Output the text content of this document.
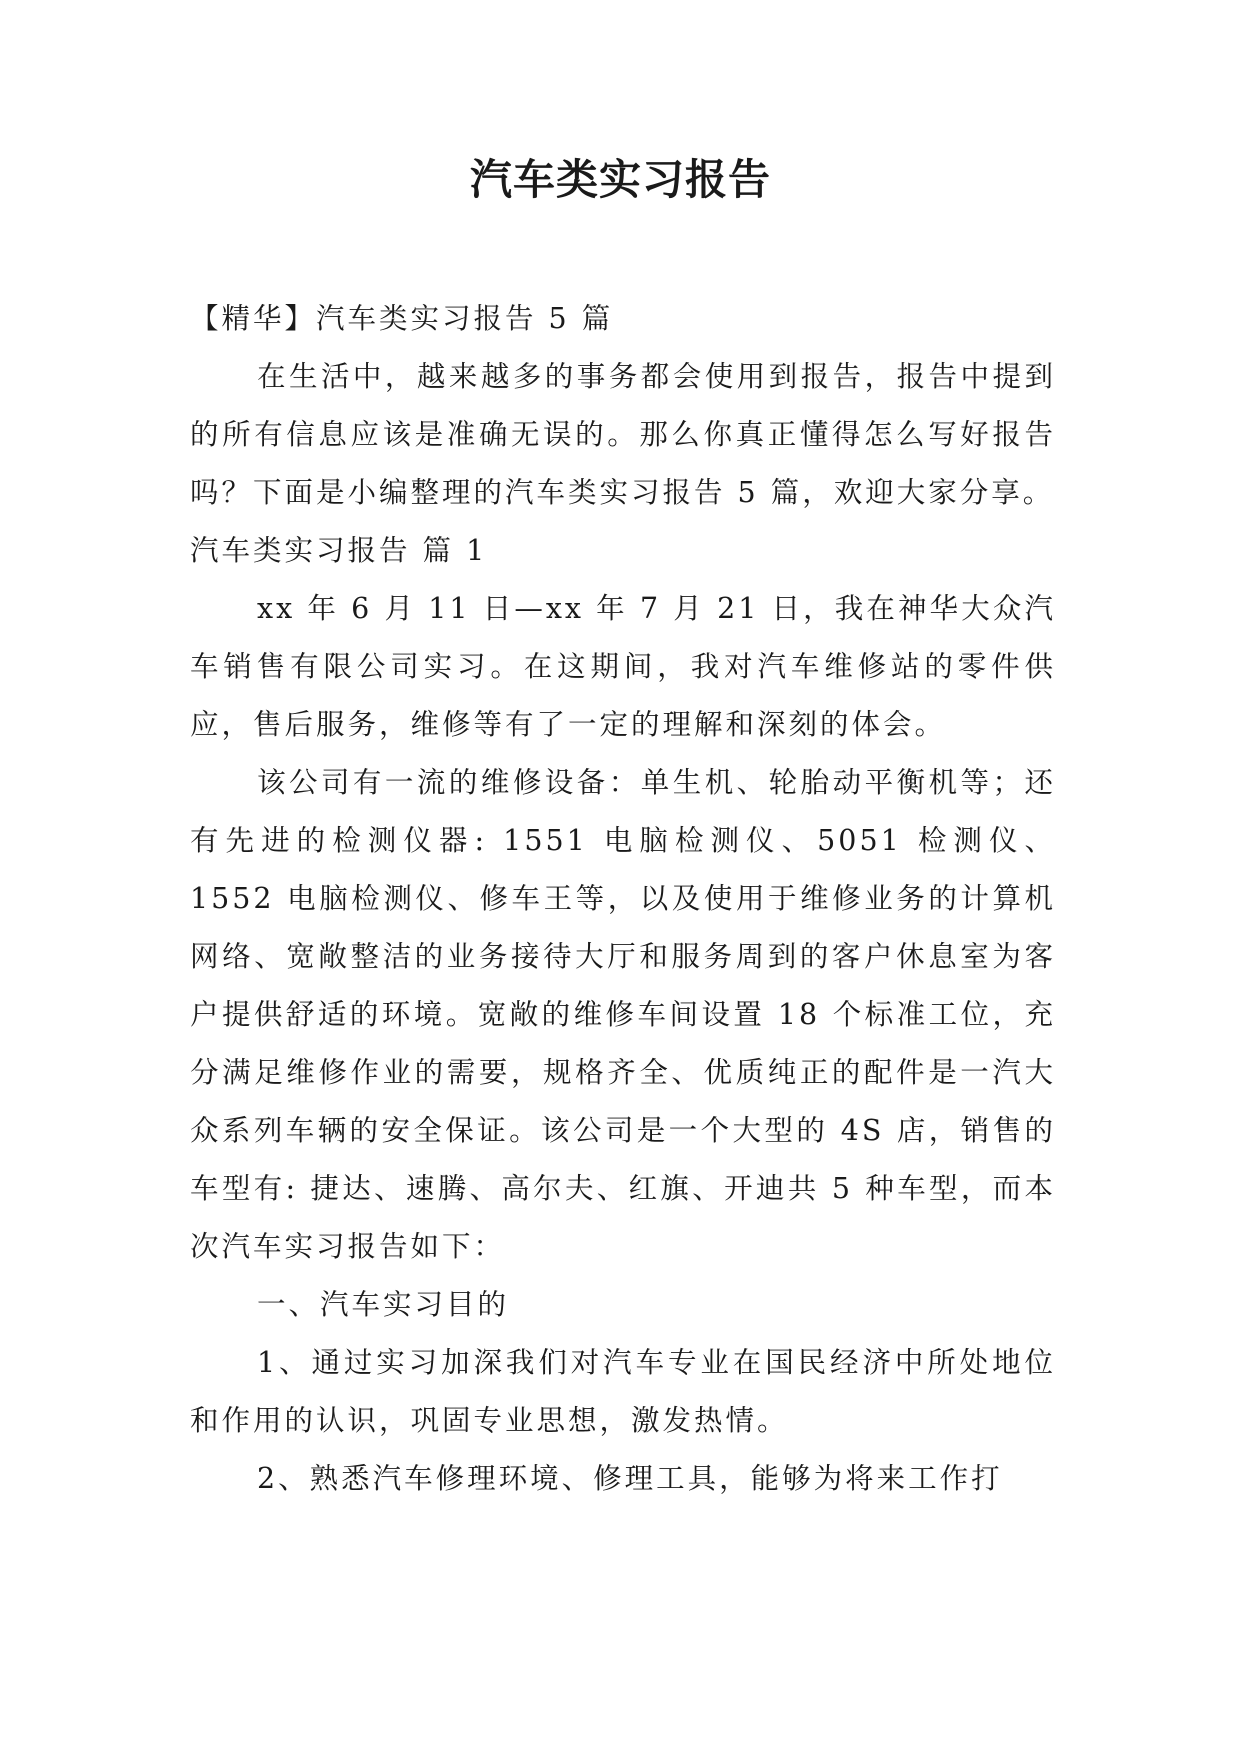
汽车类实习报告

【精华】汽车类实习报告 5 篇

在生活中，越来越多的事务都会使用到报告，报告中提到的所有信息应该是准确无误的。那么你真正懂得怎么写好报告吗？下面是小编整理的汽车类实习报告 5 篇，欢迎大家分享。

汽车类实习报告 篇 1

xx 年 6 月 11 日—xx 年 7 月 21 日，我在神华大众汽车销售有限公司实习。在这期间，我对汽车维修站的零件供应，售后服务，维修等有了一定的理解和深刻的体会。

该公司有一流的维修设备：单生机、轮胎动平衡机等；还有先进的检测仪器: 1551 电脑检测仪、5051 检测仪、1552 电脑检测仪、修车王等，以及使用于维修业务的计算机网络、宽敞整洁的业务接待大厅和服务周到的客户休息室为客户提供舒适的环境。宽敞的维修车间设置 18 个标准工位，充分满足维修作业的需要，规格齐全、优质纯正的配件是一汽大众系列车辆的安全保证。该公司是一个大型的 4S 店，销售的车型有: 捷达、速腾、高尔夫、红旗、开迪共 5 种车型，而本次汽车实习报告如下：

一、汽车实习目的

1、通过实习加深我们对汽车专业在国民经济中所处地位和作用的认识，巩固专业思想，激发热情。

2、熟悉汽车修理环境、修理工具，能够为将来工作打
